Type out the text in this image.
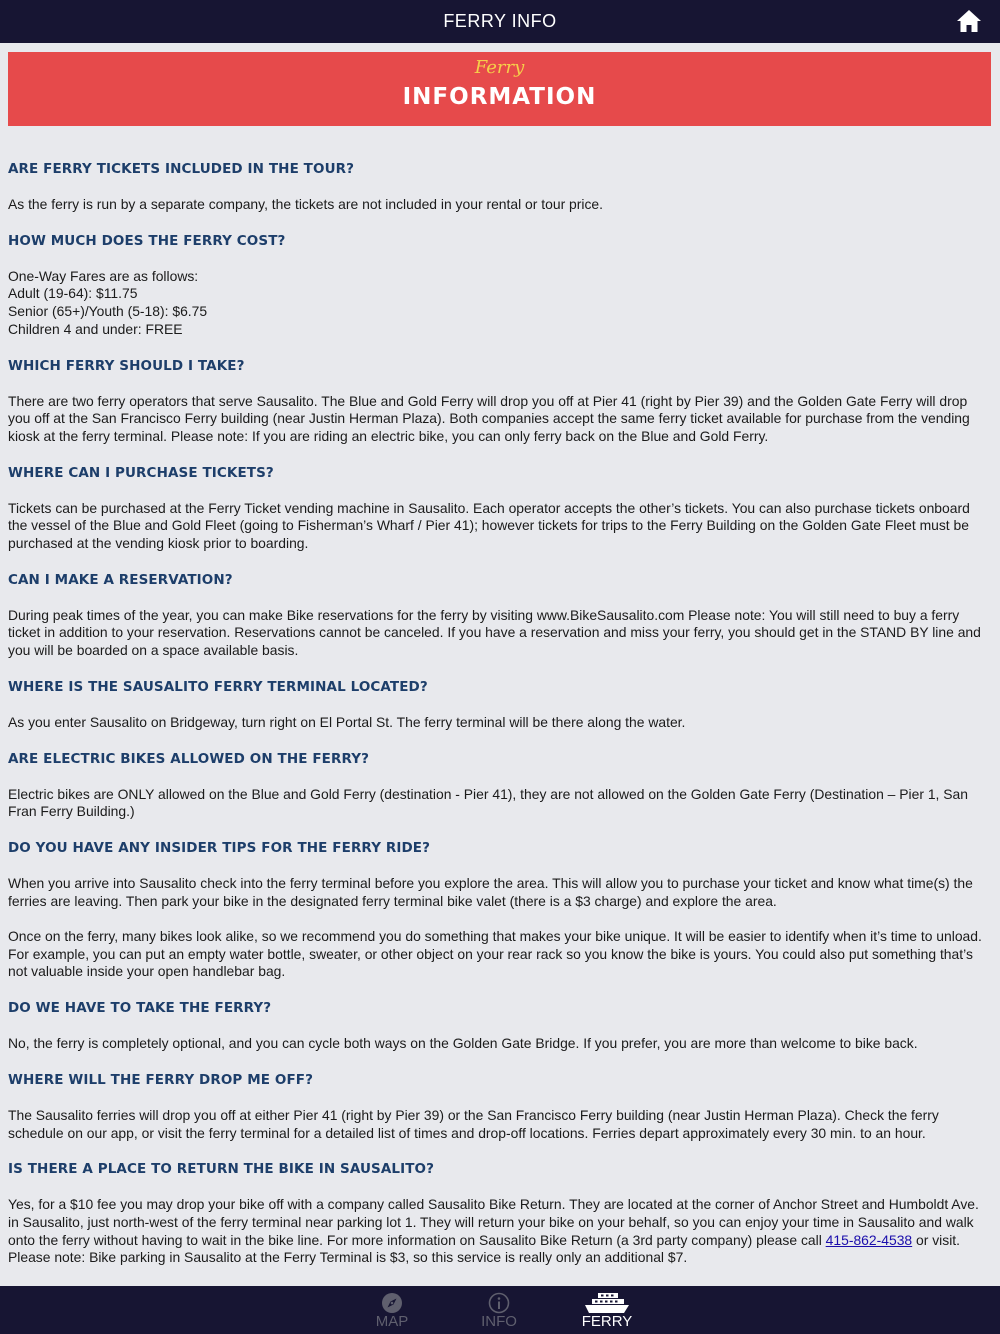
FERRY INFO
Ferry
INFORMATION
ARE FERRY TICKETS INCLUDED IN THE TOUR?

As the ferry is run by a separate company, the tickets are not included in your rental or tour price.

HOW MUCH DOES THE FERRY COST?

One-Way Fares are as follows:
Adult (19-64): $11.75
Senior (65+)/Youth (5-18): $6.75
Children 4 and under: FREE

WHICH FERRY SHOULD I TAKE?

There are two ferry operators that serve Sausalito. The Blue and Gold Ferry will drop you off at Pier 41 (right by Pier 39) and the Golden Gate Ferry will drop you off at the San Francisco Ferry building (near Justin Herman Plaza). Both companies accept the same ferry ticket available for purchase from the vending kiosk at the ferry terminal. Please note: If you are riding an electric bike, you can only ferry back on the Blue and Gold Ferry.

WHERE CAN I PURCHASE TICKETS?

Tickets can be purchased at the Ferry Ticket vending machine in Sausalito. Each operator accepts the other’s tickets. You can also purchase tickets onboard the vessel of the Blue and Gold Fleet (going to Fisherman’s Wharf / Pier 41); however tickets for trips to the Ferry Building on the Golden Gate Fleet must be purchased at the vending kiosk prior to boarding.

CAN I MAKE A RESERVATION?

During peak times of the year, you can make Bike reservations for the ferry by visiting www.BikeSausalito.com Please note: You will still need to buy a ferry ticket in addition to your reservation. Reservations cannot be canceled. If you have a reservation and miss your ferry, you should get in the STAND BY line and you will be boarded on a space available basis.

WHERE IS THE SAUSALITO FERRY TERMINAL LOCATED?

As you enter Sausalito on Bridgeway, turn right on El Portal St. The ferry terminal will be there along the water.

ARE ELECTRIC BIKES ALLOWED ON THE FERRY?

Electric bikes are ONLY allowed on the Blue and Gold Ferry (destination - Pier 41), they are not allowed on the Golden Gate Ferry (Destination – Pier 1, San Fran Ferry Building.)

DO YOU HAVE ANY INSIDER TIPS FOR THE FERRY RIDE?

When you arrive into Sausalito check into the ferry terminal before you explore the area. This will allow you to purchase your ticket and know what time(s) the ferries are leaving. Then park your bike in the designated ferry terminal bike valet (there is a $3 charge) and explore the area.

Once on the ferry, many bikes look alike, so we recommend you do something that makes your bike unique. It will be easier to identify when it’s time to unload. For example, you can put an empty water bottle, sweater, or other object on your rear rack so you know the bike is yours. You could also put something that’s not valuable inside your open handlebar bag.

DO WE HAVE TO TAKE THE FERRY?

No, the ferry is completely optional, and you can cycle both ways on the Golden Gate Bridge. If you prefer, you are more than welcome to bike back.

WHERE WILL THE FERRY DROP ME OFF?

The Sausalito ferries will drop you off at either Pier 41 (right by Pier 39) or the San Francisco Ferry building (near Justin Herman Plaza). Check the ferry schedule on our app, or visit the ferry terminal for a detailed list of times and drop-off locations. Ferries depart approximately every 30 min. to an hour.

IS THERE A PLACE TO RETURN THE BIKE IN SAUSALITO?

Yes, for a $10 fee you may drop your bike off with a company called Sausalito Bike Return. They are located at the corner of Anchor Street and Humboldt Ave. in Sausalito, just north-west of the ferry terminal near parking lot 1. They will return your bike on your behalf, so you can enjoy your time in Sausalito and walk onto the ferry without having to wait in the bike line. For more information on Sausalito Bike Return (a 3rd party company) please call 415-862-4538 or visit. Please note: Bike parking in Sausalito at the Ferry Terminal is $3, so this service is really only an additional $7.

MAP	INFO	FERRY
